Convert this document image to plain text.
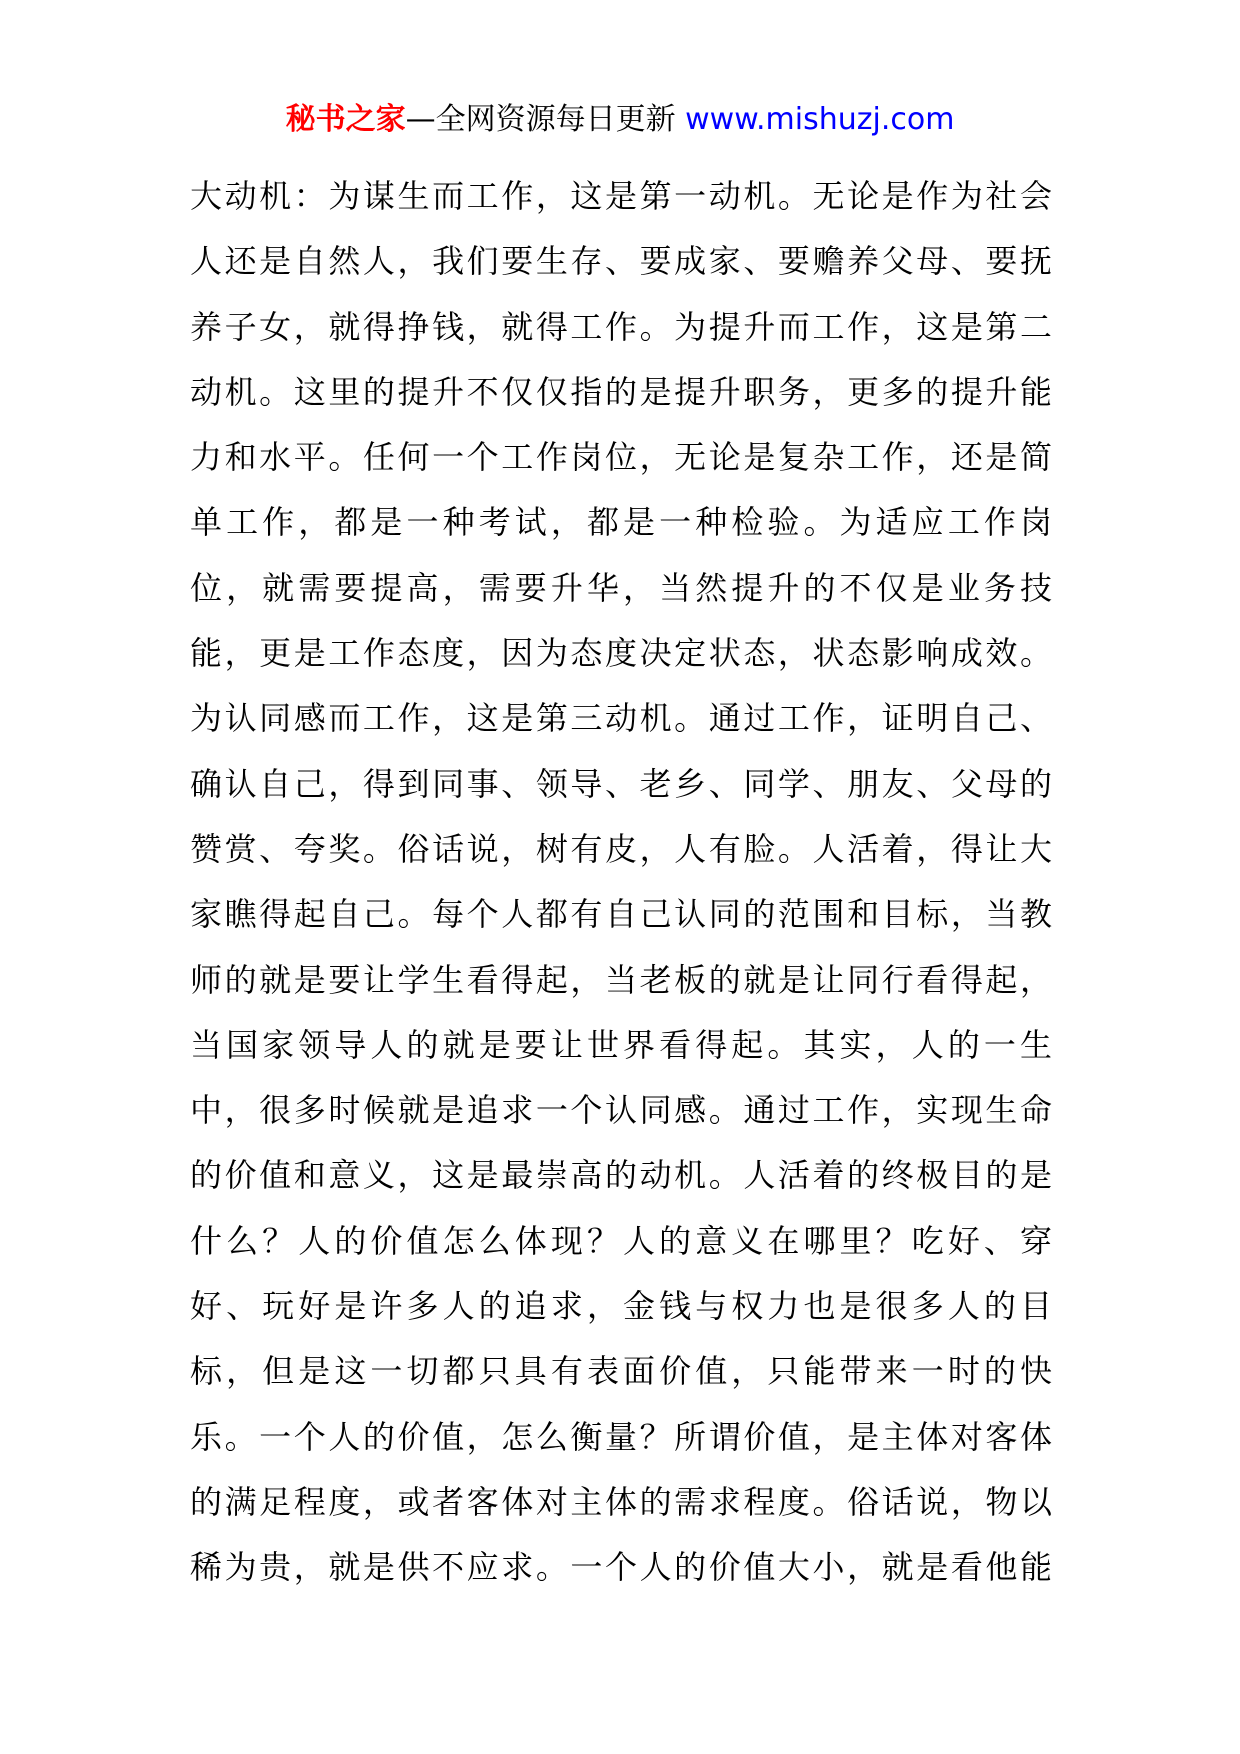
秘书之家—全网资源每日更新 www.mishuzj.com
大动机：为谋生而工作，这是第一动机。无论是作为社会
人还是自然人，我们要生存、要成家、要赡养父母、要抚
养子女，就得挣钱，就得工作。为提升而工作，这是第二
动机。这里的提升不仅仅指的是提升职务，更多的提升能
力和水平。任何一个工作岗位，无论是复杂工作，还是简
单工作，都是一种考试，都是一种检验。为适应工作岗
位，就需要提高，需要升华，当然提升的不仅是业务技
能，更是工作态度，因为态度决定状态，状态影响成效。
为认同感而工作，这是第三动机。通过工作，证明自己、
确认自己，得到同事、领导、老乡、同学、朋友、父母的
赞赏、夸奖。俗话说，树有皮，人有脸。人活着，得让大
家瞧得起自己。每个人都有自己认同的范围和目标，当教
师的就是要让学生看得起，当老板的就是让同行看得起，
当国家领导人的就是要让世界看得起。其实，人的一生
中，很多时候就是追求一个认同感。通过工作，实现生命
的价值和意义，这是最崇高的动机。人活着的终极目的是
什么？人的价值怎么体现？人的意义在哪里？吃好、穿
好、玩好是许多人的追求，金钱与权力也是很多人的目
标，但是这一切都只具有表面价值，只能带来一时的快
乐。一个人的价值，怎么衡量？所谓价值，是主体对客体
的满足程度，或者客体对主体的需求程度。俗话说，物以
稀为贵，就是供不应求。一个人的价值大小，就是看他能
